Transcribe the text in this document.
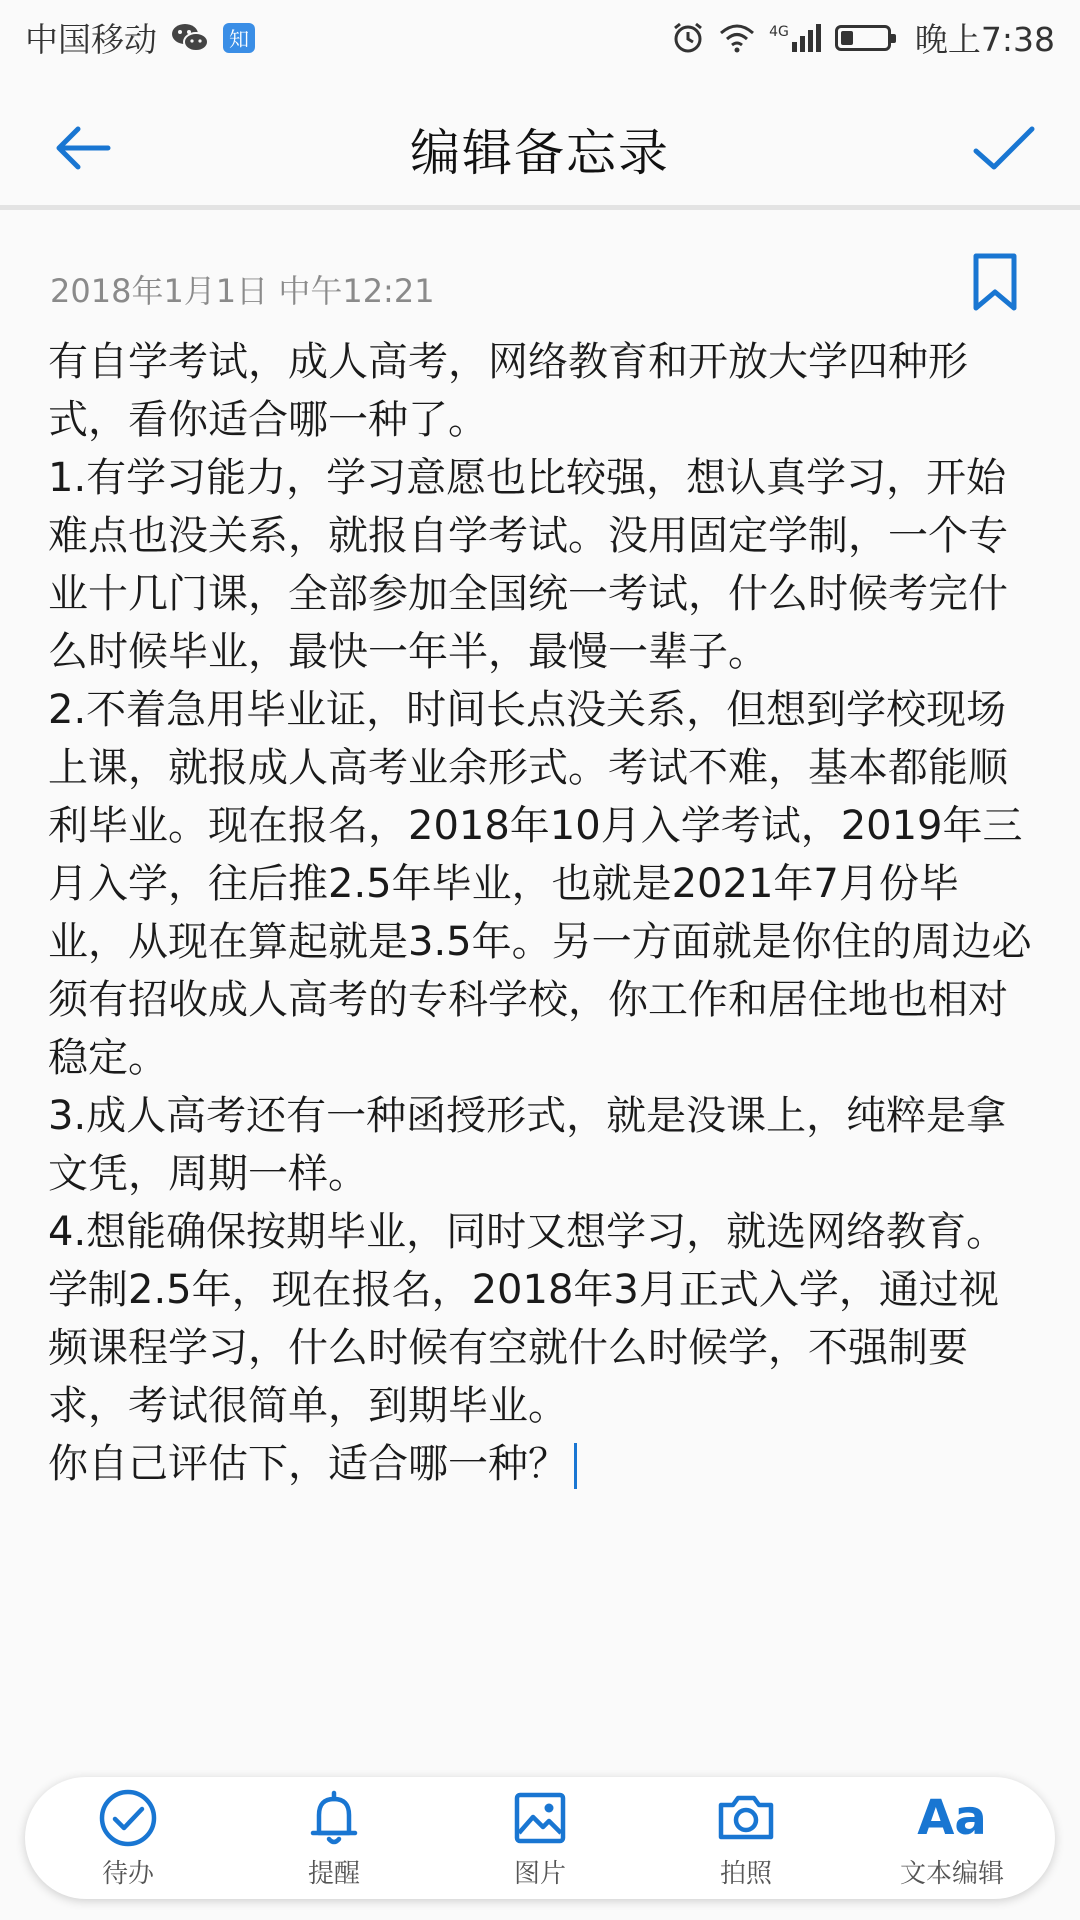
中国移动	知	4G	晚上7:38
编辑备忘录
2018年1月1日 中午12:21
有自学考试，成人高考，网络教育和开放大学四种形式，看你适合哪一种了。
1.有学习能力，学习意愿也比较强，想认真学习，开始难点也没关系，就报自学考试。没用固定学制，一个专业十几门课，全部参加全国统一考试，什么时候考完什么时候毕业，最快一年半，最慢一辈子。
2.不着急用毕业证，时间长点没关系，但想到学校现场上课，就报成人高考业余形式。考试不难，基本都能顺利毕业。现在报名，2018年10月入学考试，2019年三月入学，往后推2.5年毕业，也就是2021年7月份毕业，从现在算起就是3.5年。另一方面就是你住的周边必须有招收成人高考的专科学校，你工作和居住地也相对稳定。
3.成人高考还有一种函授形式，就是没课上，纯粹是拿文凭，周期一样。
4.想能确保按期毕业，同时又想学习，就选网络教育。学制2.5年，现在报名，2018年3月正式入学，通过视频课程学习，什么时候有空就什么时候学，不强制要求，考试很简单，到期毕业。
你自己评估下，适合哪一种？
待办	提醒	图片	拍照
Aa
文本编辑
